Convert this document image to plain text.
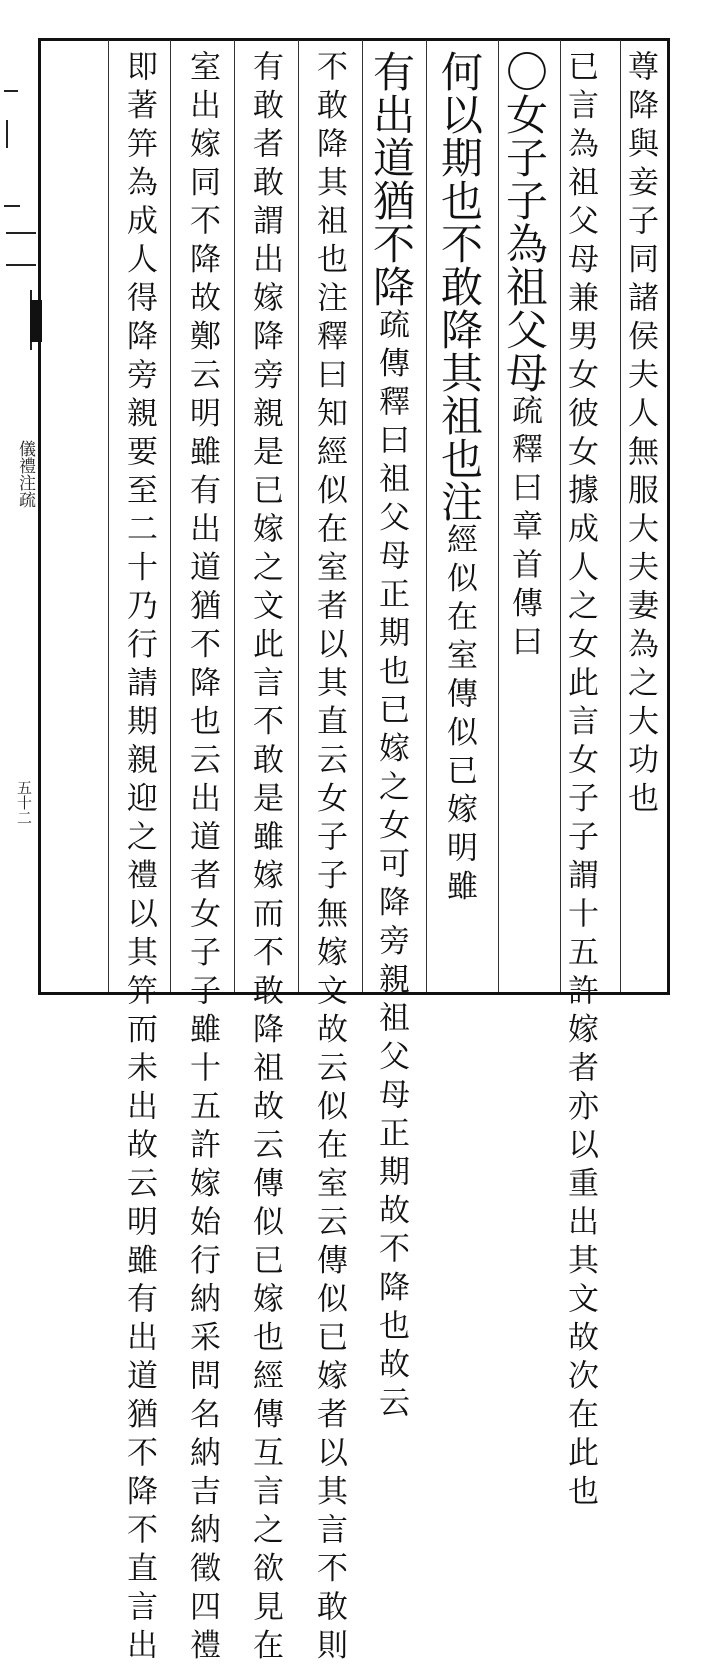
儀禮注疏
五十二	尊降與妾子同諸侯夫人無服大夫妻為之大功也
已言為祖父母兼男女彼女據成人之女此言女子子謂十五許嫁者亦以重出其文故次在此也
〇女子子為祖父母疏釋曰章首傳曰
何以期也不敢降其祖也注經似在室傳似已嫁明雖
有出道猶不降疏傳釋曰祖父母正期也已嫁之女可降旁親祖父母正期故不降也故云
不敢降其祖也注釋曰知經似在室者以其直云女子子無嫁文故云似在室云傳似已嫁者以其言不敢則
有敢者敢謂出嫁降旁親是已嫁之文此言不敢是雖嫁而不敢降祖故云傳似已嫁也經傳互言之欲見在
室出嫁同不降故鄭云明雖有出道猶不降也云出道者女子子雖十五許嫁始行納采問名納吉納徵四禮
即著笄為成人得降旁親要至二十乃行請期親迎之禮以其笄而未出故云明雖有出道猶不降不直言出
